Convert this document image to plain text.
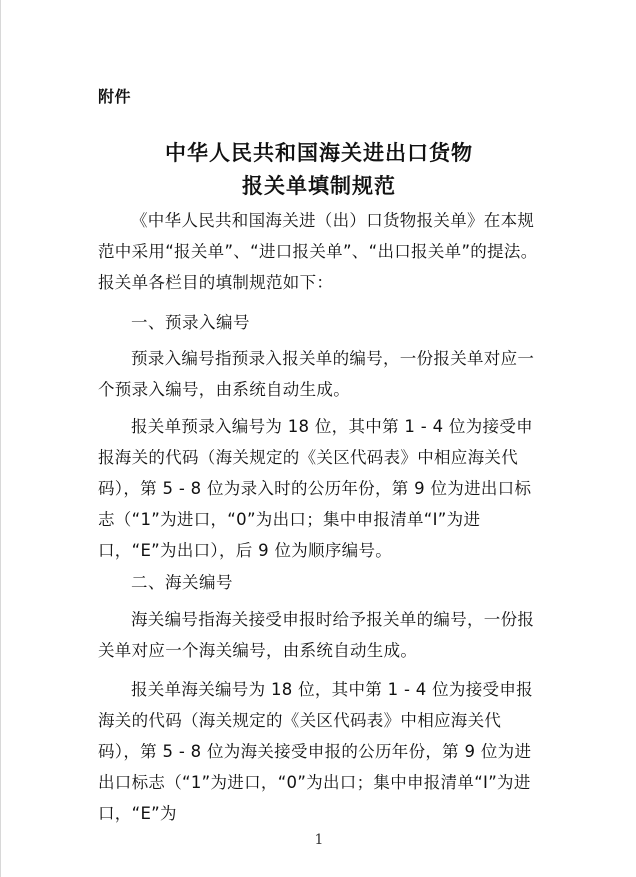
附件
中华人民共和国海关进出口货物
报关单填制规范

《中华人民共和国海关进（出）口货物报关单》在本规范中采用“报关单”、“进口报关单”、“出口报关单”的提法。报关单各栏目的填制规范如下：

一、预录入编号

预录入编号指预录入报关单的编号，一份报关单对应一个预录入编号，由系统自动生成。

报关单预录入编号为 18 位，其中第 1 - 4 位为接受申报海关的代码（海关规定的《关区代码表》中相应海关代码），第 5 - 8 位为录入时的公历年份，第 9 位为进出口标志（“1”为进口，“0”为出口；集中申报清单“I”为进口，“E”为出口），后 9 位为顺序编号。

二、海关编号

海关编号指海关接受申报时给予报关单的编号，一份报关单对应一个海关编号，由系统自动生成。

报关单海关编号为 18 位，其中第 1 - 4 位为接受申报海关的代码（海关规定的《关区代码表》中相应海关代码），第 5 - 8 位为海关接受申报的公历年份，第 9 位为进出口标志（“1”为进口，“0”为出口；集中申报清单“I”为进口，“E”为

1
